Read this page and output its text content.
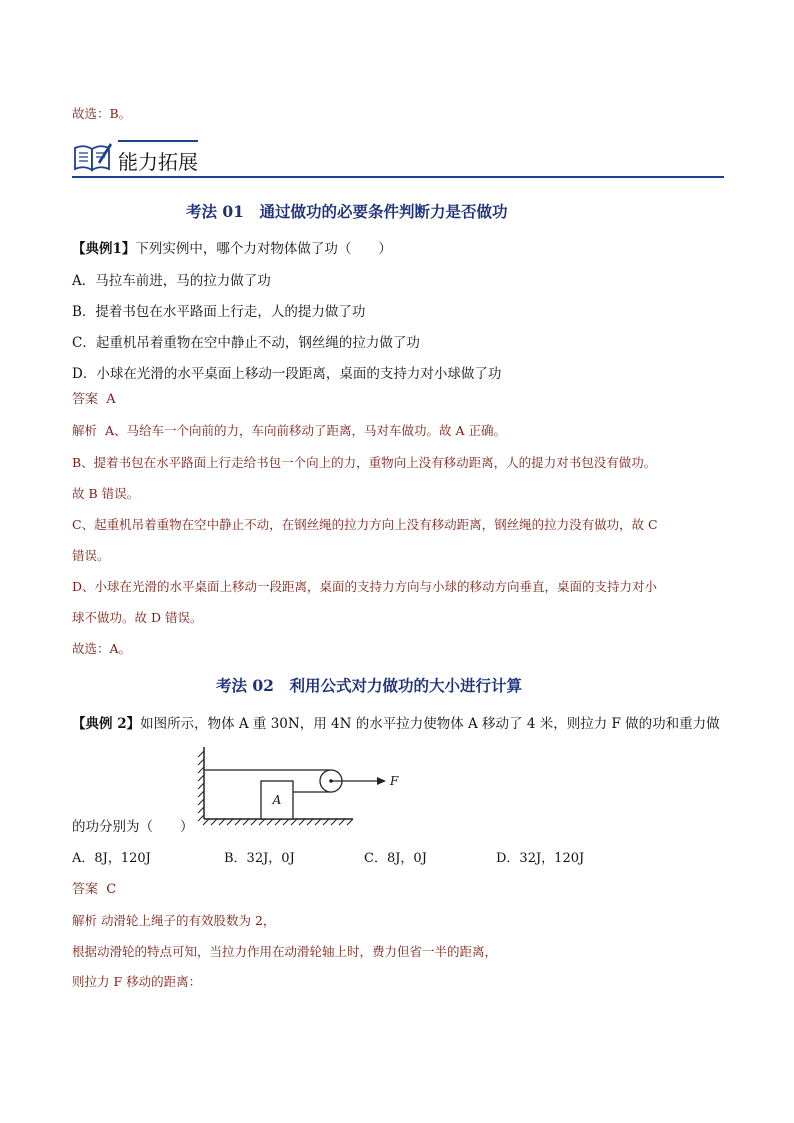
故选：B。
能力拓展
考法 01　通过做功的必要条件判断力是否做功
【典例1】下列实例中，哪个力对物体做了功（　　）
A．马拉车前进，马的拉力做了功
B．提着书包在水平路面上行走，人的提力做了功
C．起重机吊着重物在空中静止不动，钢丝绳的拉力做了功
D．小球在光滑的水平桌面上移动一段距离，桌面的支持力对小球做了功
答案 A
解析 A、马给车一个向前的力，车向前移动了距离，马对车做功。故 A 正确。
B、提着书包在水平路面上行走给书包一个向上的力，重物向上没有移动距离，人的提力对书包没有做功。
故 B 错误。
C、起重机吊着重物在空中静止不动，在钢丝绳的拉力方向上没有移动距离，钢丝绳的拉力没有做功，故 C
错误。
D、小球在光滑的水平桌面上移动一段距离，桌面的支持力方向与小球的移动方向垂直，桌面的支持力对小
球不做功。故 D 错误。
故选：A。
考法 02　利用公式对力做功的大小进行计算
【典例 2】如图所示，物体 A 重 30N，用 4N 的水平拉力使物体 A 移动了 4 米，则拉力 F 做的功和重力做
A
F
的功分别为（　　）
A．8J，120J	B．32J，0J	C．8J，0J	D．32J，120J
答案 C
解析 动滑轮上绳子的有效股数为 2，
根据动滑轮的特点可知，当拉力作用在动滑轮轴上时，费力但省一半的距离，
则拉力 F 移动的距离：
